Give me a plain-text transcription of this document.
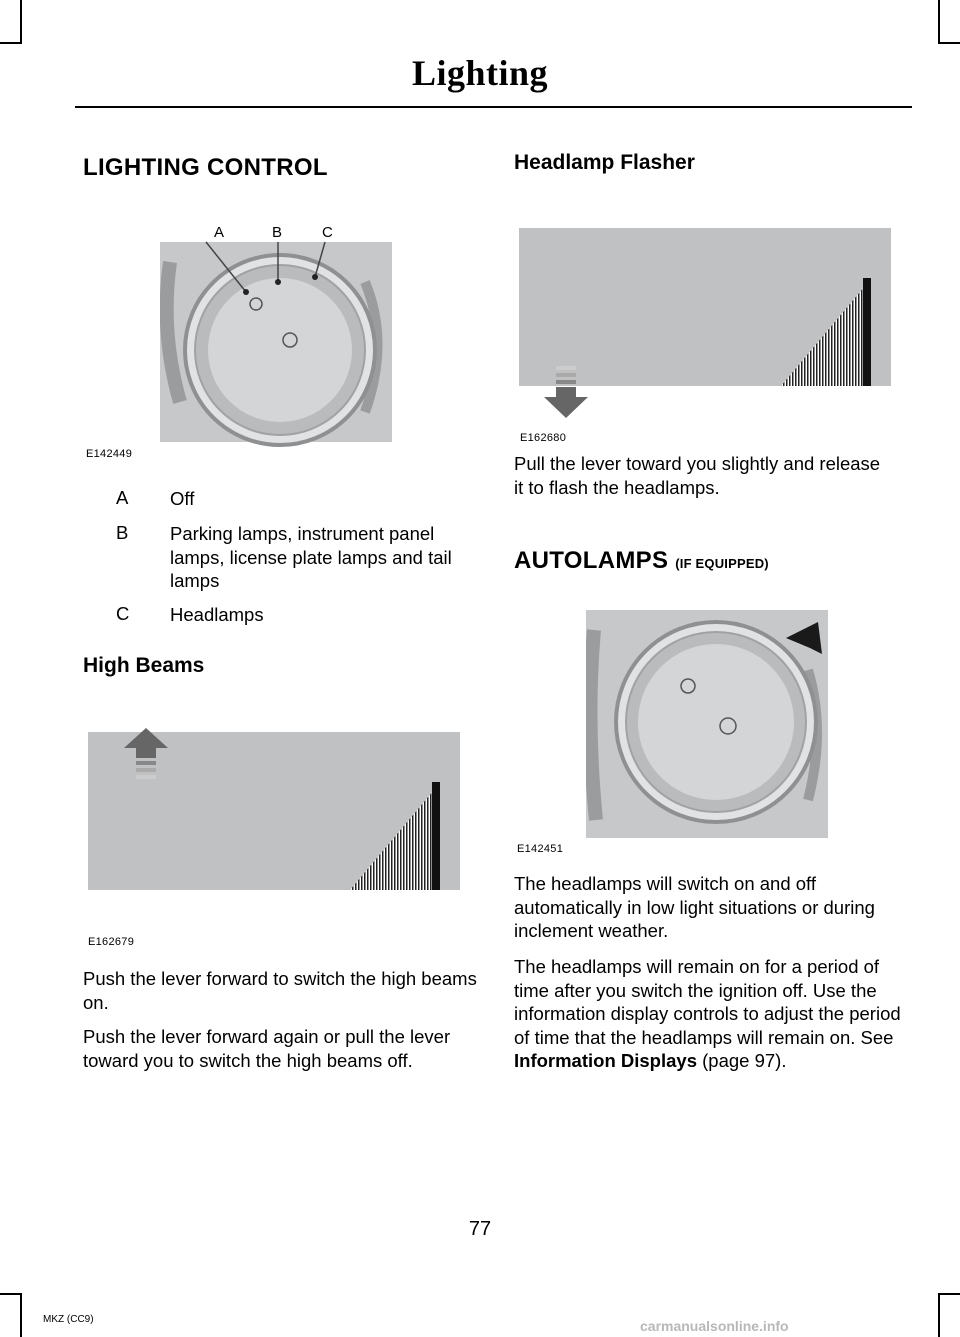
Lighting
LIGHTING CONTROL
A	B	C
E142449
A Off
B Parking lamps, instrument panel lamps, license plate lamps and tail lamps
C Headlamps
High Beams
E162679
Push the lever forward to switch the high beams on.
Push the lever forward again or pull the lever toward you to switch the high beams off.
Headlamp Flasher
E162680
Pull the lever toward you slightly and release it to flash the headlamps.
AUTOLAMPS (IF EQUIPPED)
E142451
The headlamps will switch on and off automatically in low light situations or during inclement weather.
The headlamps will remain on for a period of time after you switch the ignition off. Use the information display controls to adjust the period of time that the headlamps will remain on. See Information Displays (page 97).
77
MKZ (CC9)	carmanualsonline.info
